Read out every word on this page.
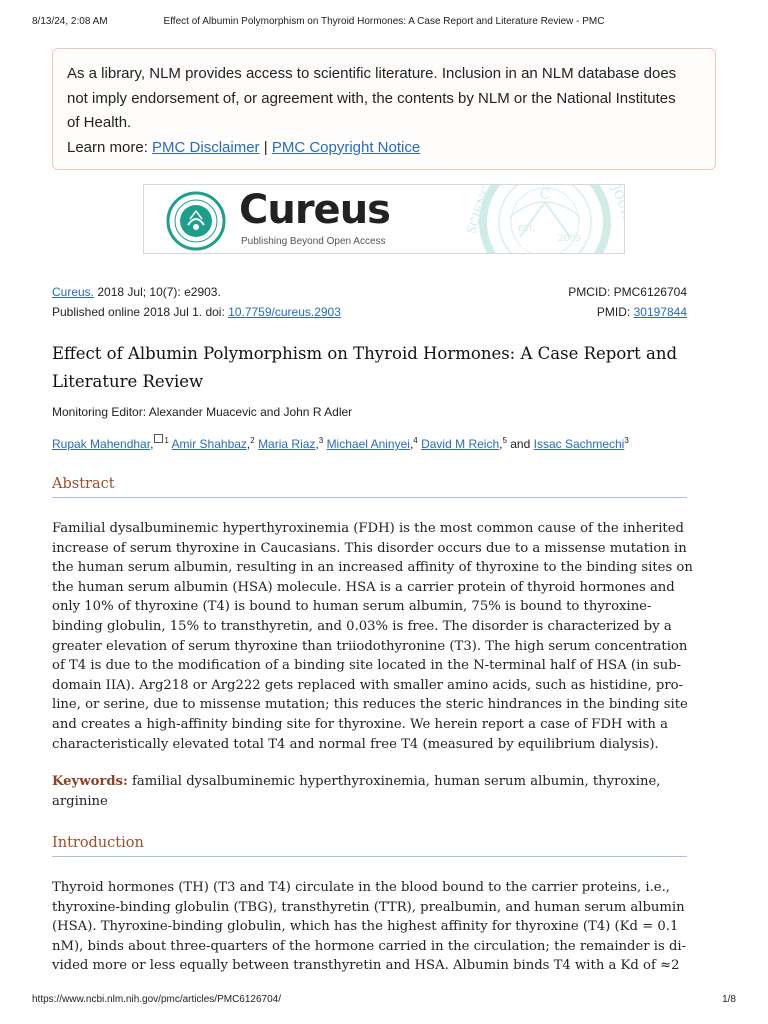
8/13/24, 2:08 AM	Effect of Albumin Polymorphism on Thyroid Hormones: A Case Report and Literature Review - PMC
As a library, NLM provides access to scientific literature. Inclusion in an NLM database does
not imply endorsement of, or agreement with, the contents by NLM or the National Institutes
of Health.
Learn more: PMC Disclaimer | PMC Copyright Notice
Cureus
Publishing Beyond Open Access
C
EST.
2009
SCIENCE	JOURNAL
Cureus. 2018 Jul; 10(7): e2903.
Published online 2018 Jul 1. doi: 10.7759/cureus.2903
PMCID: PMC6126704
PMID: 30197844
Effect of Albumin Polymorphism on Thyroid Hormones: A Case Report and
Literature Review
Monitoring Editor: Alexander Muacevic and John R Adler
Rupak Mahendhar, $^1$ Amir Shahbaz,$^2$ Maria Riaz,$^3$ Michael Aninyei,$^4$ David M Reich,$^5$ and Issac Sachmechi$^3$
Abstract
Familial dysalbuminemic hyperthyroxinemia (FDH) is the most common cause of the inherited
increase of serum thyroxine in Caucasians. This disorder occurs due to a missense mutation in
the human serum albumin, resulting in an increased affinity of thyroxine to the binding sites on
the human serum albumin (HSA) molecule. HSA is a carrier protein of thyroid hormones and
only 10% of thyroxine (T4) is bound to human serum albumin, 75% is bound to thyroxine-
binding globulin, 15% to transthyretin, and 0.03% is free. The disorder is characterized by a
greater elevation of serum thyroxine than triiodothyronine (T3). The high serum concentration
of T4 is due to the modification of a binding site located in the N-terminal half of HSA (in sub-
domain IIA). Arg218 or Arg222 gets replaced with smaller amino acids, such as histidine, pro-
line, or serine, due to missense mutation; this reduces the steric hindrances in the binding site
and creates a high-affinity binding site for thyroxine. We herein report a case of FDH with a
characteristically elevated total T4 and normal free T4 (measured by equilibrium dialysis).
Keywords: familial dysalbuminemic hyperthyroxinemia, human serum albumin, thyroxine,
arginine
Introduction
Thyroid hormones (TH) (T3 and T4) circulate in the blood bound to the carrier proteins, i.e.,
thyroxine-binding globulin (TBG), transthyretin (TTR), prealbumin, and human serum albumin
(HSA). Thyroxine-binding globulin, which has the highest affinity for thyroxine (T4) (Kd = 0.1
nM), binds about three-quarters of the hormone carried in the circulation; the remainder is di-
vided more or less equally between transthyretin and HSA. Albumin binds T4 with a Kd of ≈2
https://www.ncbi.nlm.nih.gov/pmc/articles/PMC6126704/	1/8
